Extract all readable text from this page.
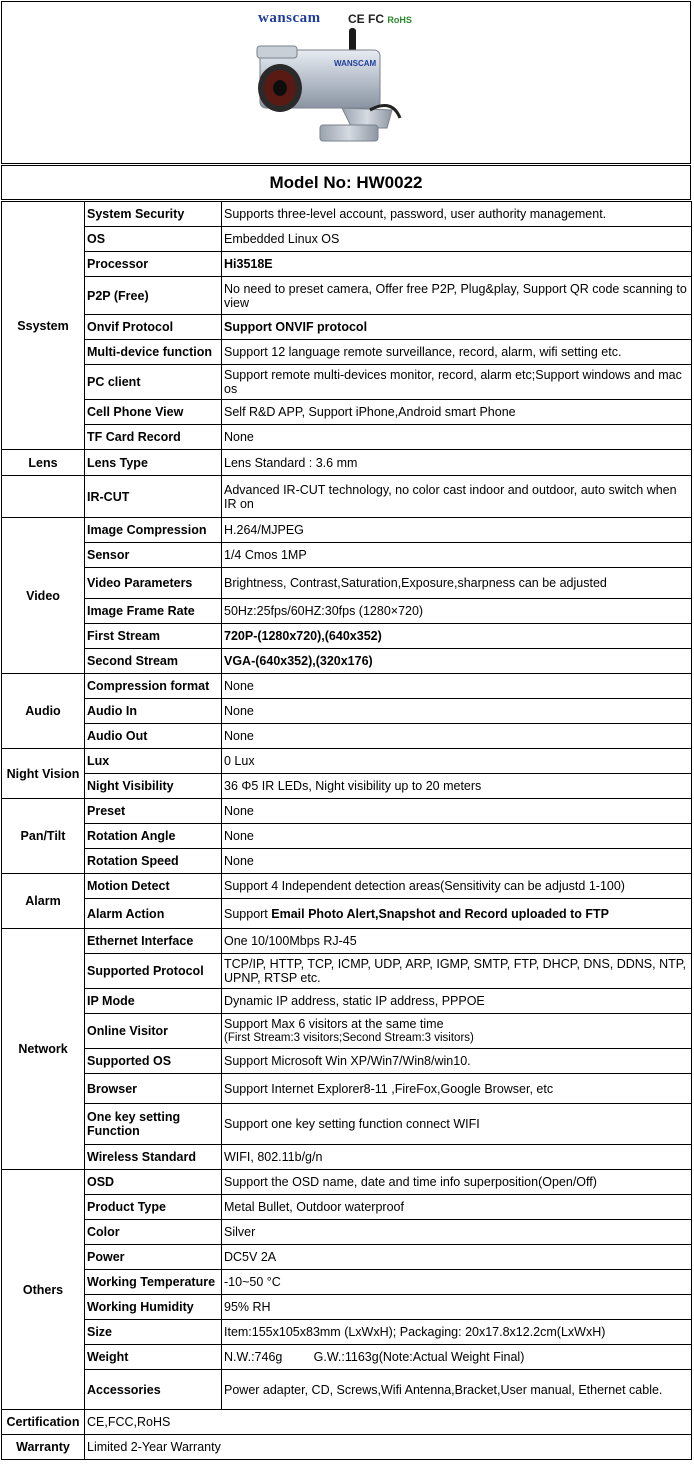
wanscam CE FC RoHS
WANSCAM
Model No: HW0022
Ssystem	System Security	Supports three-level account, password, user authority management.
	OS	Embedded Linux OS
	Processor	Hi3518E
	P2P (Free)	No need to preset camera, Offer free P2P, Plug&play, Support QR code scanning to view
	Onvif Protocol	Support ONVIF protocol
	Multi-device function	Support 12 language remote surveillance, record, alarm, wifi setting etc.
	PC client	Support remote multi-devices monitor, record, alarm etc;Support windows and mac os
	Cell Phone View	Self R&D APP, Support iPhone,Android smart Phone
	TF Card Record	None
Lens	Lens Type	Lens Standard : 3.6 mm
	IR-CUT	Advanced IR-CUT technology, no color cast indoor and outdoor, auto switch when IR on
Video	Image Compression	H.264/MJPEG
	Sensor	1/4 Cmos 1MP
	Video Parameters	Brightness, Contrast,Saturation,Exposure,sharpness can be adjusted
	Image Frame Rate	50Hz:25fps/60HZ:30fps (1280×720)
	First Stream	720P-(1280x720),(640x352)
	Second Stream	VGA-(640x352),(320x176)
Audio	Compression format	None
	Audio In	None
	Audio Out	None
Night Vision	Lux	0 Lux
	Night Visibility	36 Φ5 IR LEDs, Night visibility up to 20 meters
Pan/Tilt	Preset	None
	Rotation Angle	None
	Rotation Speed	None
Alarm	Motion Detect	Support 4 Independent detection areas(Sensitivity can be adjustd 1-100)
	Alarm Action	Support Email Photo Alert,Snapshot and Record uploaded to FTP
Network	Ethernet Interface	One 10/100Mbps RJ-45
	Supported Protocol	TCP/IP, HTTP, TCP, ICMP, UDP, ARP, IGMP, SMTP, FTP, DHCP, DNS, DDNS, NTP, UPNP, RTSP etc.
	IP Mode	Dynamic IP address, static IP address, PPPOE
	Online Visitor	Support Max 6 visitors at the same time
(First Stream:3 visitors;Second Stream:3 visitors)

	Supported OS	Support Microsoft Win XP/Win7/Win8/win10.
	Browser	Support Internet Explorer8-11 ,FireFox,Google Browser, etc
	One key setting Function	Support one key setting function connect WIFI
	Wireless Standard	WIFI, 802.11b/g/n
Others	OSD	Support the OSD name, date and time info superposition(Open/Off)
	Product Type	Metal Bullet, Outdoor waterproof
	Color	Silver
	Power	DC5V 2A
	Working Temperature	-10~50 °C
	Working Humidity	95% RH
	Size	Item:155x105x83mm (LxWxH); Packaging: 20x17.8x12.2cm(LxWxH)
	Weight	N.W.:746g         G.W.:1163g(Note:Actual Weight Final)
	Accessories	Power adapter, CD, Screws,Wifi Antenna,Bracket,User manual, Ethernet cable.
Certification	CE,FCC,RoHS	
Warranty	Limited 2-Year Warranty	
